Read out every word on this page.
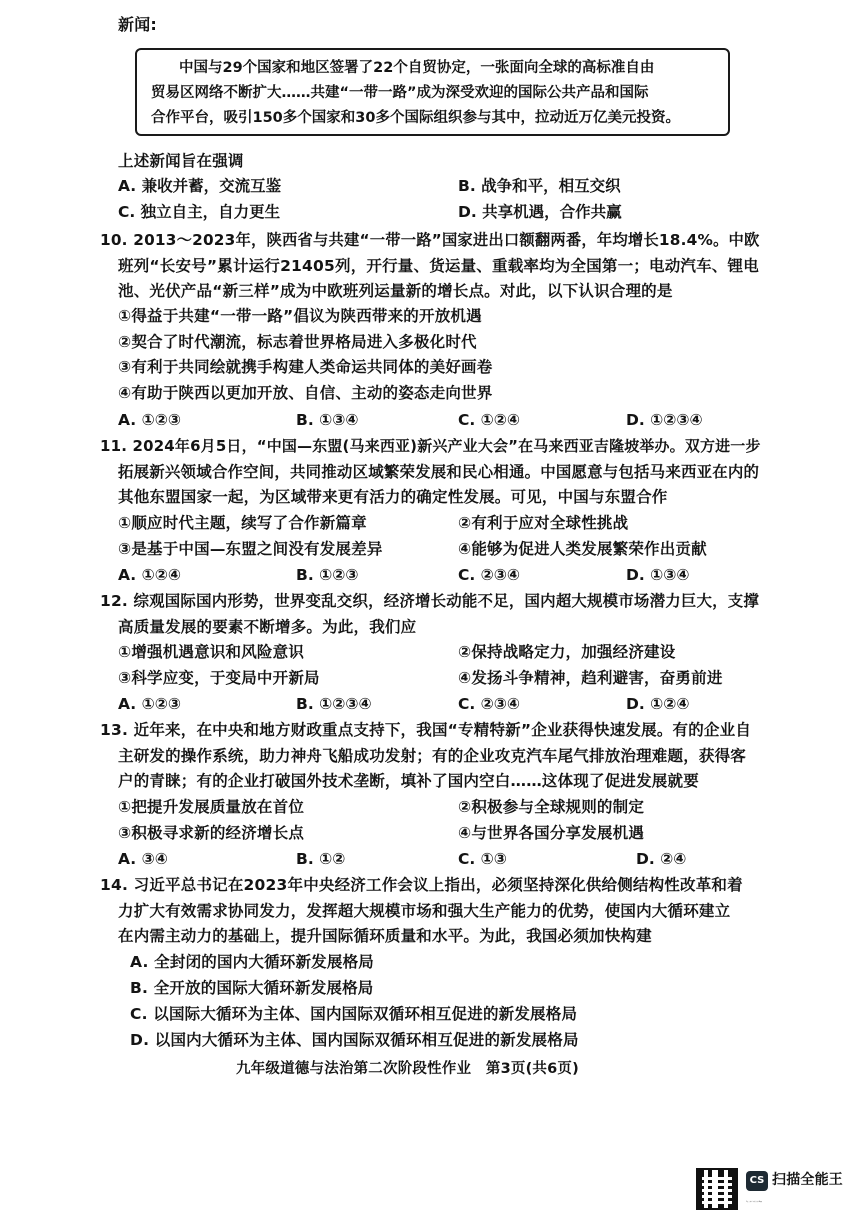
新闻:
中国与29个国家和地区签署了22个自贸协定，一张面向全球的高标准自由
贸易区网络不断扩大……共建“一带一路”成为深受欢迎的国际公共产品和国际
合作平台，吸引150多个国家和30多个国际组织参与其中，拉动近万亿美元投资。
上述新闻旨在强调
A. 兼收并蓄，交流互鉴	B. 战争和平，相互交织
C. 独立自主，自力更生	D. 共享机遇，合作共赢
10. 2013～2023年，陕西省与共建“一带一路”国家进出口额翻两番，年均增长18.4%。中欧
班列“长安号”累计运行21405列，开行量、货运量、重载率均为全国第一；电动汽车、锂电
池、光伏产品“新三样”成为中欧班列运量新的增长点。对此，以下认识合理的是
①得益于共建“一带一路”倡议为陕西带来的开放机遇
②契合了时代潮流，标志着世界格局进入多极化时代
③有利于共同绘就携手构建人类命运共同体的美好画卷
④有助于陕西以更加开放、自信、主动的姿态走向世界
A. ①②③	B. ①③④	C. ①②④	D. ①②③④
11. 2024年6月5日，“中国—东盟(马来西亚)新兴产业大会”在马来西亚吉隆坡举办。双方进一步
拓展新兴领域合作空间，共同推动区域繁荣发展和民心相通。中国愿意与包括马来西亚在内的
其他东盟国家一起，为区域带来更有活力的确定性发展。可见，中国与东盟合作
①顺应时代主题，续写了合作新篇章	②有利于应对全球性挑战
③是基于中国—东盟之间没有发展差异	④能够为促进人类发展繁荣作出贡献
A. ①②④	B. ①②③	C. ②③④	D. ①③④
12. 综观国际国内形势，世界变乱交织，经济增长动能不足，国内超大规模市场潜力巨大，支撑
高质量发展的要素不断增多。为此，我们应
①增强机遇意识和风险意识	②保持战略定力，加强经济建设
③科学应变，于变局中开新局	④发扬斗争精神，趋利避害，奋勇前进
A. ①②③	B. ①②③④	C. ②③④	D. ①②④
13. 近年来，在中央和地方财政重点支持下，我国“专精特新”企业获得快速发展。有的企业自
主研发的操作系统，助力神舟飞船成功发射；有的企业攻克汽车尾气排放治理难题，获得客
户的青睐；有的企业打破国外技术垄断，填补了国内空白……这体现了促进发展就要
①把提升发展质量放在首位	②积极参与全球规则的制定
③积极寻求新的经济增长点	④与世界各国分享发展机遇
A. ③④	B. ①②	C. ①③	D. ②④
14. 习近平总书记在2023年中央经济工作会议上指出，必须坚持深化供给侧结构性改革和着
力扩大有效需求协同发力，发挥超大规模市场和强大生产能力的优势，使国内大循环建立
在内需主动力的基础上，提升国际循环质量和水平。为此，我国必须加快构建
A. 全封闭的国内大循环新发展格局
B. 全开放的国际大循环新发展格局
C. 以国际大循环为主体、国内国际双循环相互促进的新发展格局
D. 以国内大循环为主体、国内国际双循环相互促进的新发展格局
九年级道德与法治第二次阶段性作业　第3页(共6页)
CS 扫描全能王
3亿人都在用的扫描App
